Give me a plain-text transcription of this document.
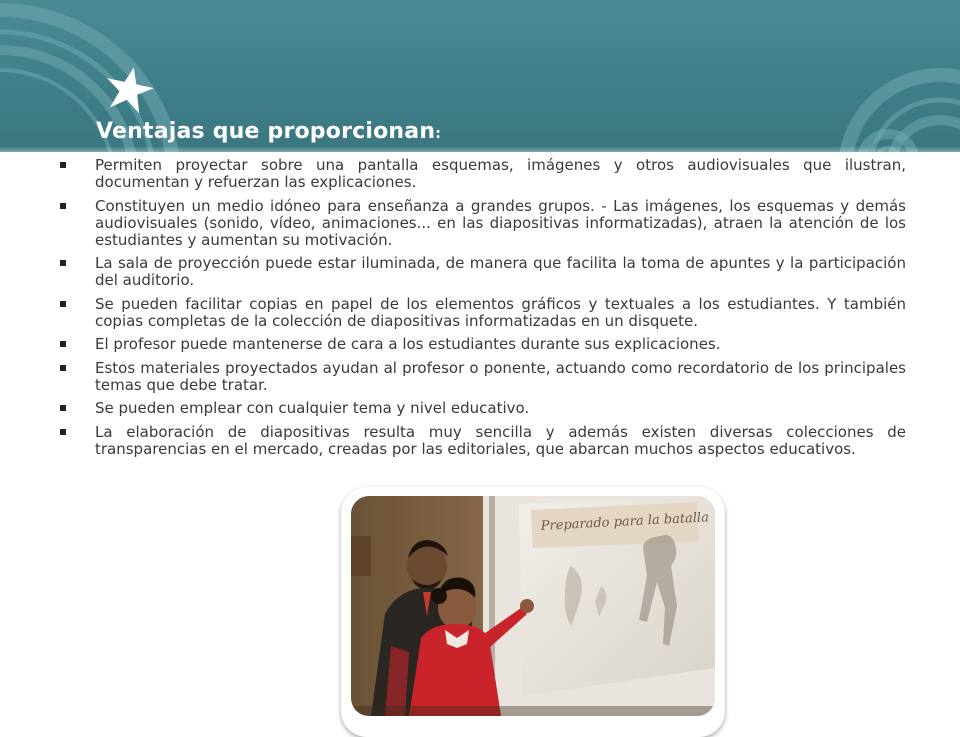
Ventajas que proporcionan:
Permiten proyectar sobre una pantalla esquemas, imágenes y otros audiovisuales que ilustran, documentan y refuerzan las explicaciones.
Constituyen un medio idóneo para enseñanza a grandes grupos. - Las imágenes, los esquemas y demás audiovisuales (sonido, vídeo, animaciones... en las diapositivas informatizadas), atraen la atención de los estudiantes y aumentan su motivación.
La sala de proyección puede estar iluminada, de manera que facilita la toma de apuntes y la participación del auditorio.
Se pueden facilitar copias en papel de los elementos gráficos y textuales a los estudiantes. Y también copias completas de la colección de diapositivas informatizadas en un disquete.
El profesor puede mantenerse de cara a los estudiantes durante sus explicaciones.
Estos materiales proyectados ayudan al profesor o ponente, actuando como recordatorio de los principales temas que debe tratar.
Se pueden emplear con cualquier tema y nivel educativo.
La elaboración de diapositivas resulta muy sencilla y además existen diversas colecciones de transparencias en el mercado, creadas por las editoriales, que abarcan muchos aspectos educativos.
Preparado para la batalla
